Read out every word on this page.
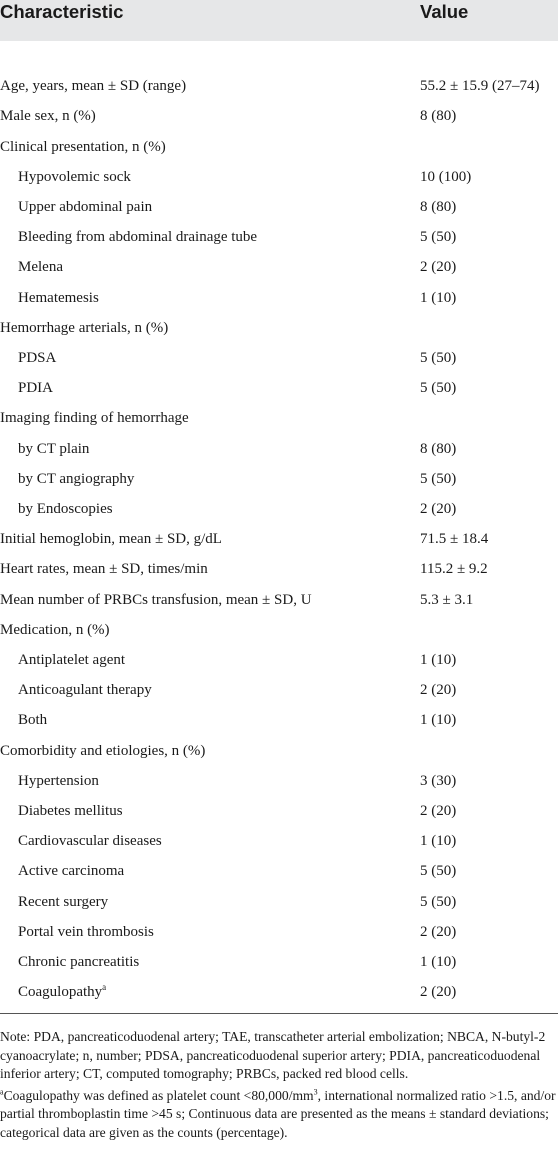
Characteristic	Value

Age, years, mean ± SD (range)	55.2 ± 15.9 (27–74)
Male sex, n (%)	8 (80)
Clinical presentation, n (%)	
Hypovolemic sock	10 (100)
Upper abdominal pain	8 (80)
Bleeding from abdominal drainage tube	5 (50)
Melena	2 (20)
Hematemesis	1 (10)
Hemorrhage arterials, n (%)	
PDSA	5 (50)
PDIA	5 (50)
Imaging finding of hemorrhage	
by CT plain	8 (80)
by CT angiography	5 (50)
by Endoscopies	2 (20)
Initial hemoglobin, mean ± SD, g/dL	71.5 ± 18.4
Heart rates, mean ± SD, times/min	115.2 ± 9.2
Mean number of PRBCs transfusion, mean ± SD, U	5.3 ± 3.1
Medication, n (%)	
Antiplatelet agent	1 (10)
Anticoagulant therapy	2 (20)
Both	1 (10)
Comorbidity and etiologies, n (%)	
Hypertension	3 (30)
Diabetes mellitus	2 (20)
Cardiovascular diseases	1 (10)
Active carcinoma	5 (50)
Recent surgery	5 (50)
Portal vein thrombosis	2 (20)
Chronic pancreatitis	1 (10)
Coagulopathy$^a$	2 (20)

Note: PDA, pancreaticoduodenal artery; TAE, transcatheter arterial embolization; NBCA, N-butyl-2 cyanoacrylate; n, number; PDSA, pancreaticoduodenal superior artery; PDIA, pancreaticoduodenal inferior artery; CT, computed tomography; PRBCs, packed red blood cells.

$^a$Coagulopathy was defined as platelet count <80,000/mm$^3$, international normalized ratio >1.5, and/or partial thromboplastin time >45 s; Continuous data are presented as the means ± standard deviations; categorical data are given as the counts (percentage).
